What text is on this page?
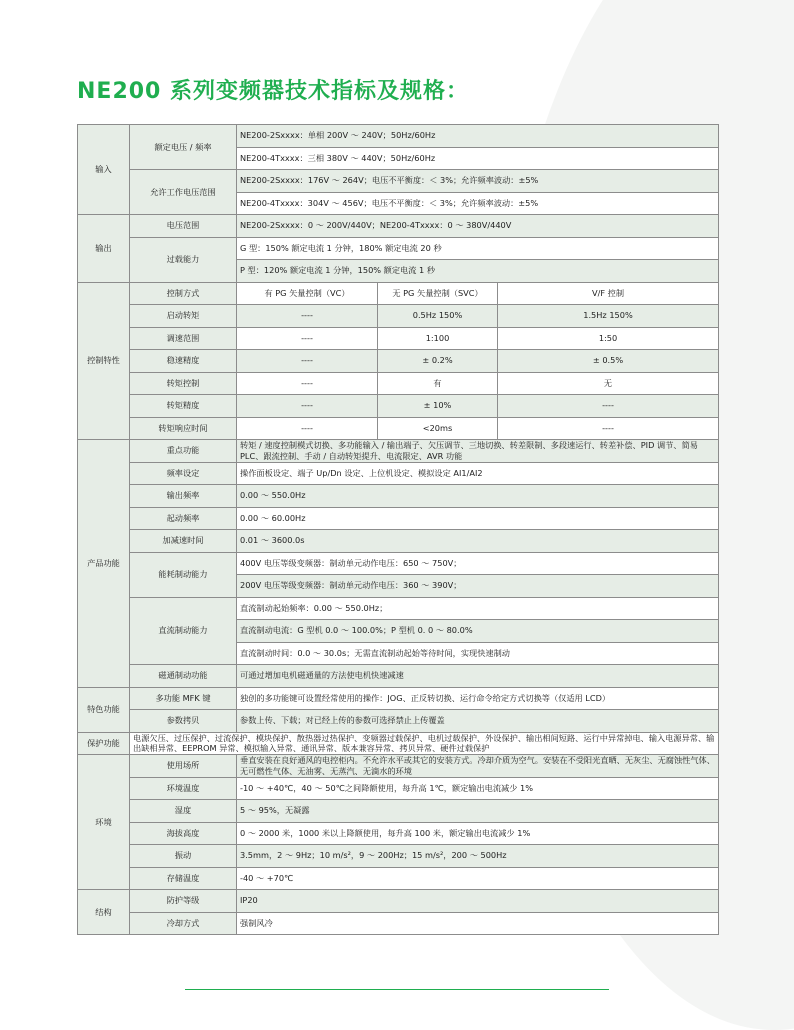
NE200 系列变频器技术指标及规格：
输入	额定电压 / 频率	NE200-2Sxxxx：单相 200V ～ 240V；50Hz/60Hz		
		NE200-4Txxxx：三相 380V ～ 440V；50Hz/60Hz		
	允许工作电压范围	NE200-2Sxxxx：176V ～ 264V；电压不平衡度：＜ 3%；允许频率波动：±5%		
		NE200-4Txxxx：304V ～ 456V；电压不平衡度：＜ 3%；允许频率波动：±5%		
输出	电压范围	NE200-2Sxxxx：0 ～ 200V/440V；NE200-4Txxxx：0 ～ 380V/440V		
	过载能力	G 型：150% 额定电流 1 分钟，180% 额定电流 20 秒		
		P 型：120% 额定电流 1 分钟，150% 额定电流 1 秒		
控制特性	控制方式	有 PG 矢量控制（VC）	无 PG 矢量控制（SVC）	V/F 控制
	启动转矩	----	0.5Hz 150%	1.5Hz 150%
	调速范围	----	1:100	1:50
	稳速精度	----	± 0.2%	± 0.5%
	转矩控制	----	有	无
	转矩精度	----	± 10%	----
	转矩响应时间	----	<20ms	----
产品功能	重点功能	转矩 / 速度控制模式切换、多功能输入 / 输出端子、欠压调节、三地切换、转差限制、多段速运行、转差补偿、PID 调节、简易 PLC、跟流控制、手动 / 自动转矩提升、电流限定、AVR 功能		
	频率设定	操作面板设定、端子 Up/Dn 设定、上位机设定、模拟设定 AI1/AI2		
	输出频率	0.00 ～ 550.0Hz		
	起动频率	0.00 ～ 60.00Hz		
	加减速时间	0.01 ～ 3600.0s		
	能耗制动能力	400V 电压等级变频器：制动单元动作电压：650 ～ 750V；		
		200V 电压等级变频器：制动单元动作电压：360 ～ 390V；		
	直流制动能力	直流制动起始频率：0.00 ～ 550.0Hz；		
		直流制动电流：G 型机 0.0 ～ 100.0%；P 型机 0. 0 ～ 80.0%		
		直流制动时间：0.0 ～ 30.0s；无需直流制动起始等待时间，实现快速制动		
	磁通制动功能	可通过增加电机磁通量的方法使电机快速减速		
特色功能	多功能 MFK 键	独创的多功能键可设置经常使用的操作：JOG、正反转切换、运行命令给定方式切换等（仅适用 LCD）		
	参数拷贝	参数上传、下载；对已经上传的参数可选择禁止上传覆盖		
保护功能	电源欠压、过压保护、过流保护、模块保护、散热器过热保护、变频器过载保护、电机过载保护、外设保护、输出相间短路、运行中异常掉电、输入电源异常、输出缺相异常、EEPROM 异常、模拟输入异常、通讯异常、版本兼容异常、拷贝异常、硬件过载保护			
环境	使用场所	垂直安装在良好通风的电控柜内。不允许水平或其它的安装方式。冷却介质为空气。安装在不受阳光直晒、无灰尘、无腐蚀性气体、无可燃性气体、无油雾、无蒸汽、无滴水的环境		
	环境温度	-10 ～ +40℃，40 ～ 50℃之间降额使用，每升高 1℃，额定输出电流减少 1%		
	湿度	5 ～ 95%，无凝露		
	海拔高度	0 ～ 2000 米，1000 米以上降额使用，每升高 100 米，额定输出电流减少 1%		
	振动	3.5mm，2 ～ 9Hz；10 m/s²，9 ～ 200Hz；15 m/s²，200 ～ 500Hz		
	存储温度	-40 ～ +70℃		
结构	防护等级	IP20		
	冷却方式	强制风冷		
